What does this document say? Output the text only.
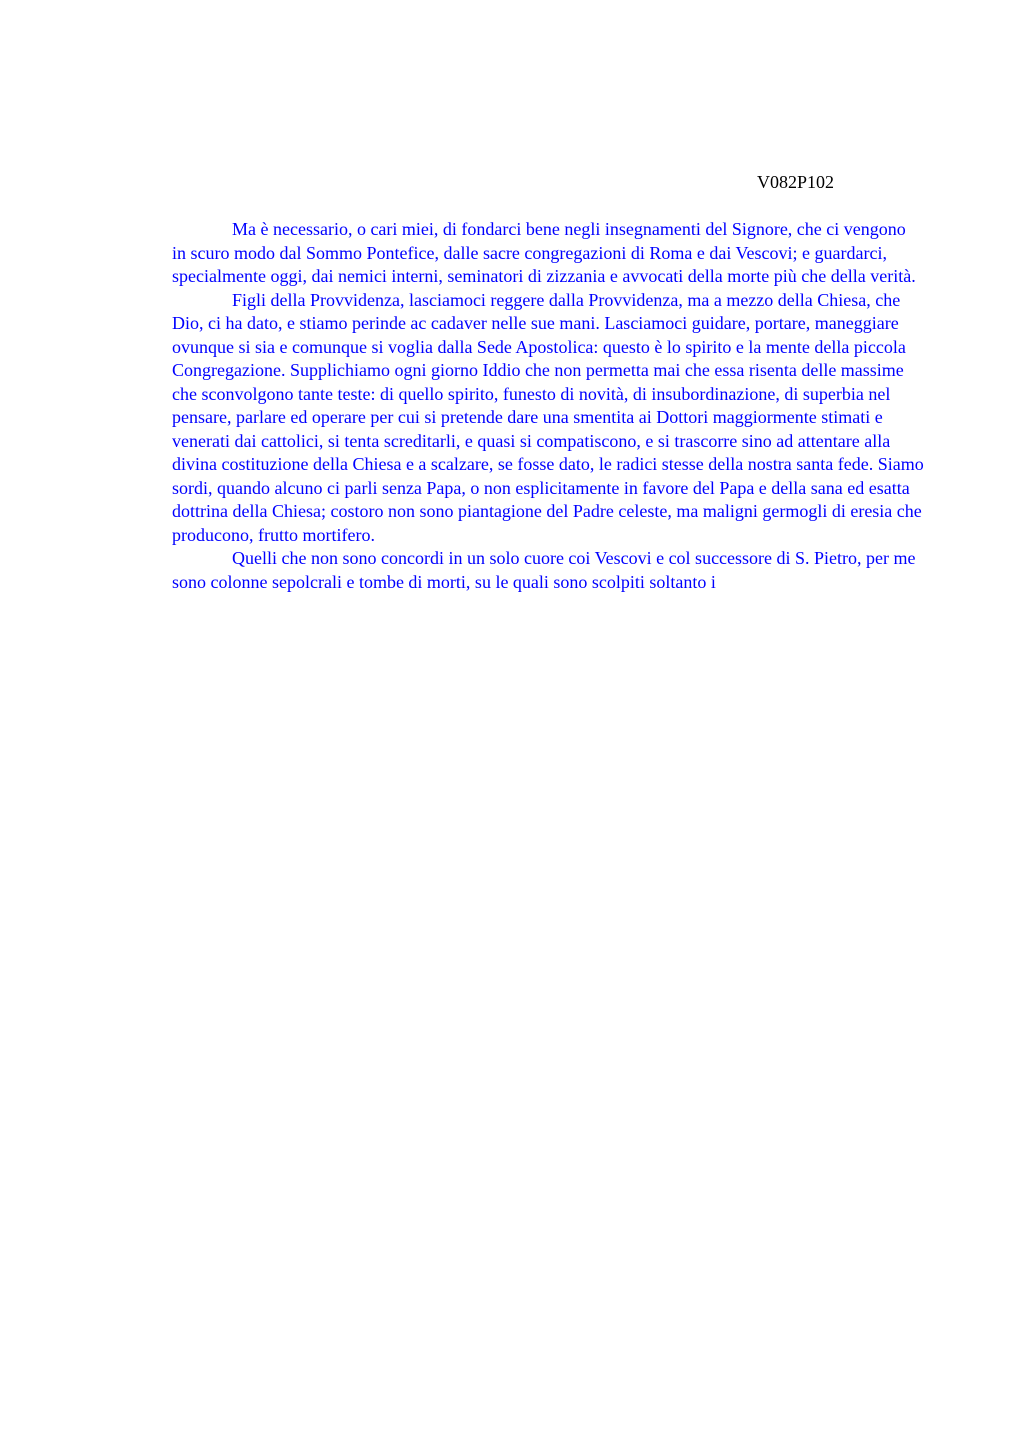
V082P102

Ma è necessario, o cari miei, di fondarci bene negli insegnamenti del Signore, che ci vengono in scuro modo dal Sommo Pontefice, dalle sacre congregazioni di Roma e dai Vescovi; e guardarci, specialmente oggi, dai nemici interni, seminatori di zizzania e avvocati della morte più che della verità.

Figli della Provvidenza, lasciamoci reggere dalla Provvidenza, ma a mezzo della Chiesa, che Dio, ci ha dato, e stiamo perinde ac cadaver nelle sue mani. Lasciamoci guidare, portare, maneggiare ovunque si sia e comunque si voglia dalla Sede Apostolica: questo è lo spirito e la mente della piccola Congregazione. Supplichiamo ogni giorno Iddio che non permetta mai che essa risenta delle massime che sconvolgono tante teste: di quello spirito, funesto di novità, di insubordinazione, di superbia nel pensare, parlare ed operare per cui si pretende dare una smentita ai Dottori maggiormente stimati e venerati dai cattolici, si tenta screditarli, e quasi si compatiscono, e si trascorre sino ad attentare alla divina costituzione della Chiesa e a scalzare, se fosse dato, le radici stesse della nostra santa fede. Siamo sordi, quando alcuno ci parli senza Papa, o non esplicitamente in favore del Papa e della sana ed esatta dottrina della Chiesa; costoro non sono piantagione del Padre celeste, ma maligni germogli di eresia che producono, frutto mortifero.

Quelli che non sono concordi in un solo cuore coi Vescovi e col successore di S. Pietro, per me sono colonne sepolcrali e tombe di morti, su le quali sono scolpiti soltanto i
